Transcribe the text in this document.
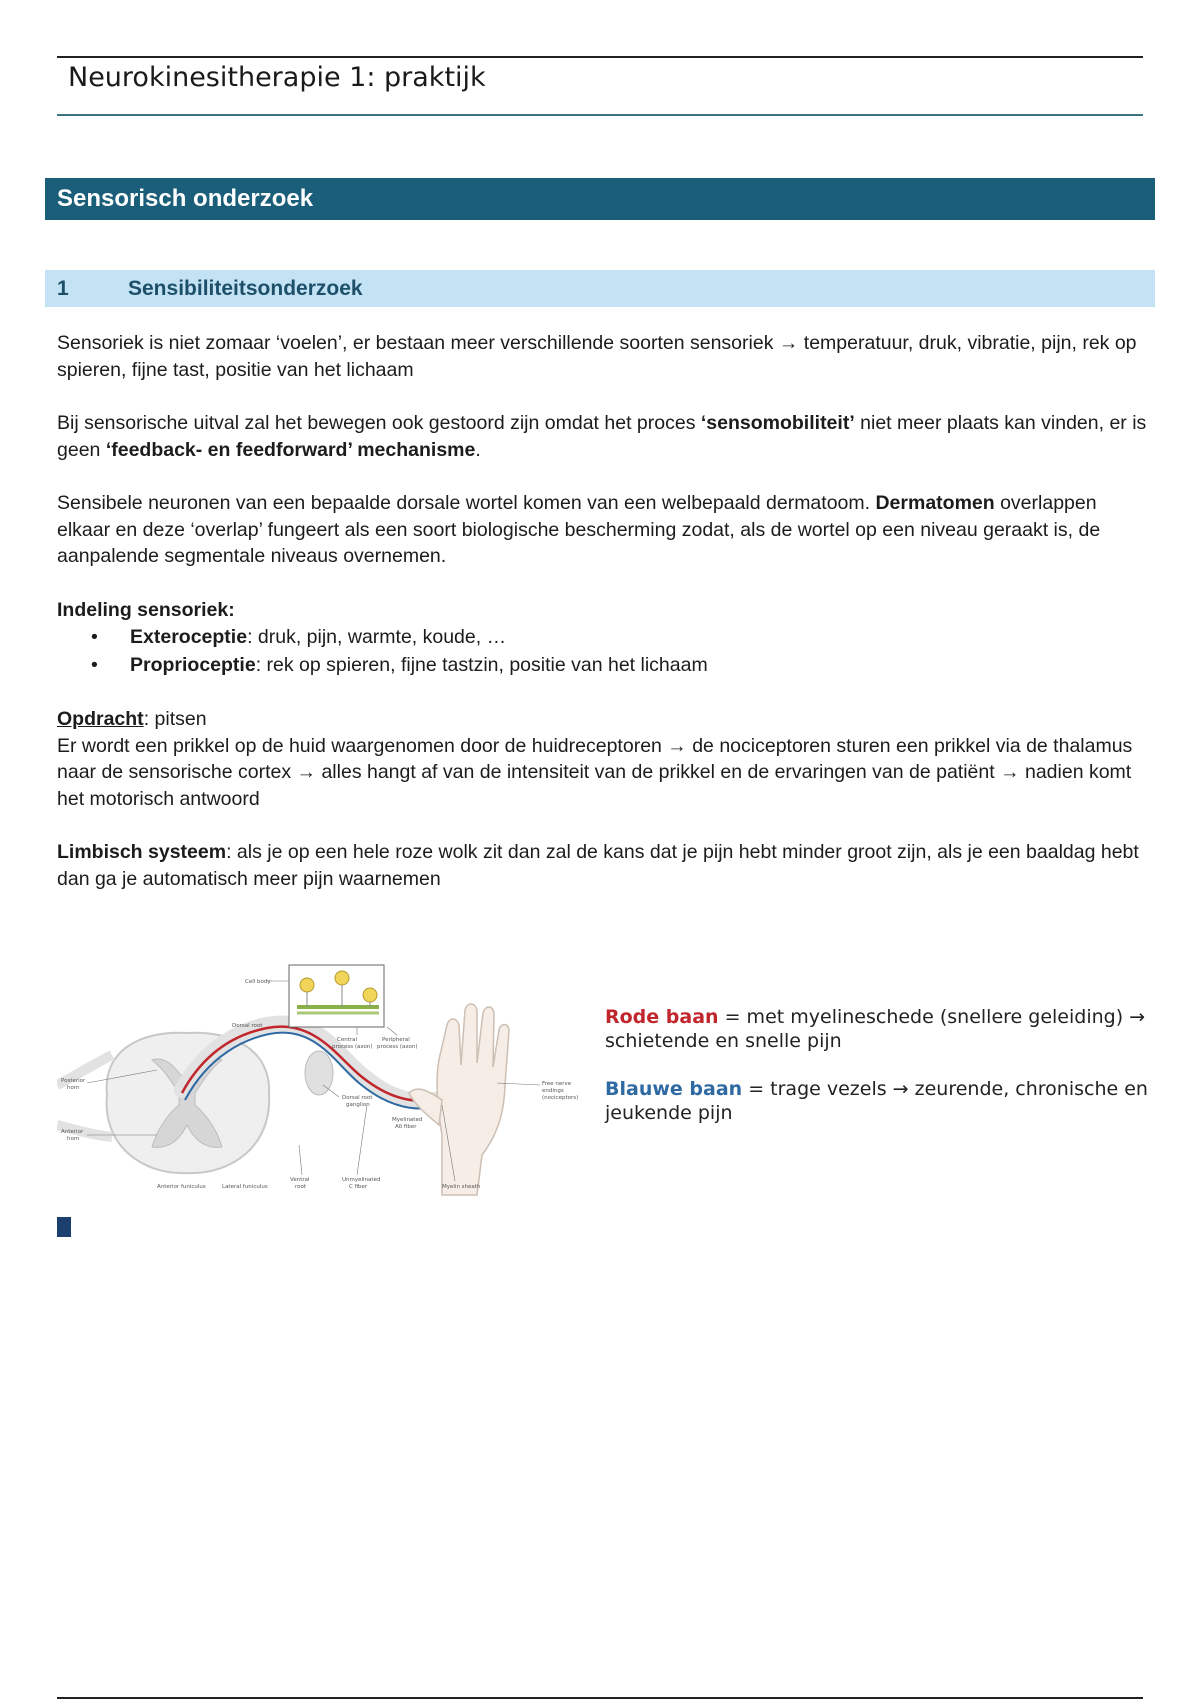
Neurokinesitherapie 1: praktijk
Sensorisch onderzoek
1	Sensibiliteitsonderzoek

Sensoriek is niet zomaar ‘voelen’, er bestaan meer verschillende soorten sensoriek → temperatuur, druk, vibratie, pijn, rek op spieren, fijne tast, positie van het lichaam

Bij sensorische uitval zal het bewegen ook gestoord zijn omdat het proces ‘sensomobiliteit’ niet meer plaats kan vinden, er is geen ‘feedback- en feedforward’ mechanisme.

Sensibele neuronen van een bepaalde dorsale wortel komen van een welbepaald dermatoom. Dermatomen overlappen elkaar en deze ‘overlap’ fungeert als een soort biologische bescherming zodat, als de wortel op een niveau geraakt is, de aanpalende segmentale niveaus overnemen.

Indeling sensoriek:

• Exteroceptie: druk, pijn, warmte, koude, …
• Proprioceptie: rek op spieren, fijne tastzin, positie van het lichaam

Opdracht: pitsen

Er wordt een prikkel op de huid waargenomen door de huidreceptoren → de nociceptoren sturen een prikkel via de thalamus naar de sensorische cortex → alles hangt af van de intensiteit van de prikkel en de ervaringen van de patiënt → nadien komt het motorisch antwoord

Limbisch systeem: als je op een hele roze wolk zit dan zal de kans dat je pijn hebt minder groot zijn, als je een baaldag hebt dan ga je automatisch meer pijn waarnemen

Cell body
Dorsal root
Central
process (axon)
Peripheral
process (axon)
Posterior
horn
Anterior
horn
Dorsal root
ganglion
Myelinated
Aδ fiber
Free nerve
endings
(nociceptors)
Ventral
root
Unmyelinated
C fiber	Myelin sheath
Anterior funiculus	Lateral funiculus

Rode baan = met myelineschede (snellere geleiding) → schietende en snelle pijn

Blauwe baan = trage vezels → zeurende, chronische en jeukende pijn
